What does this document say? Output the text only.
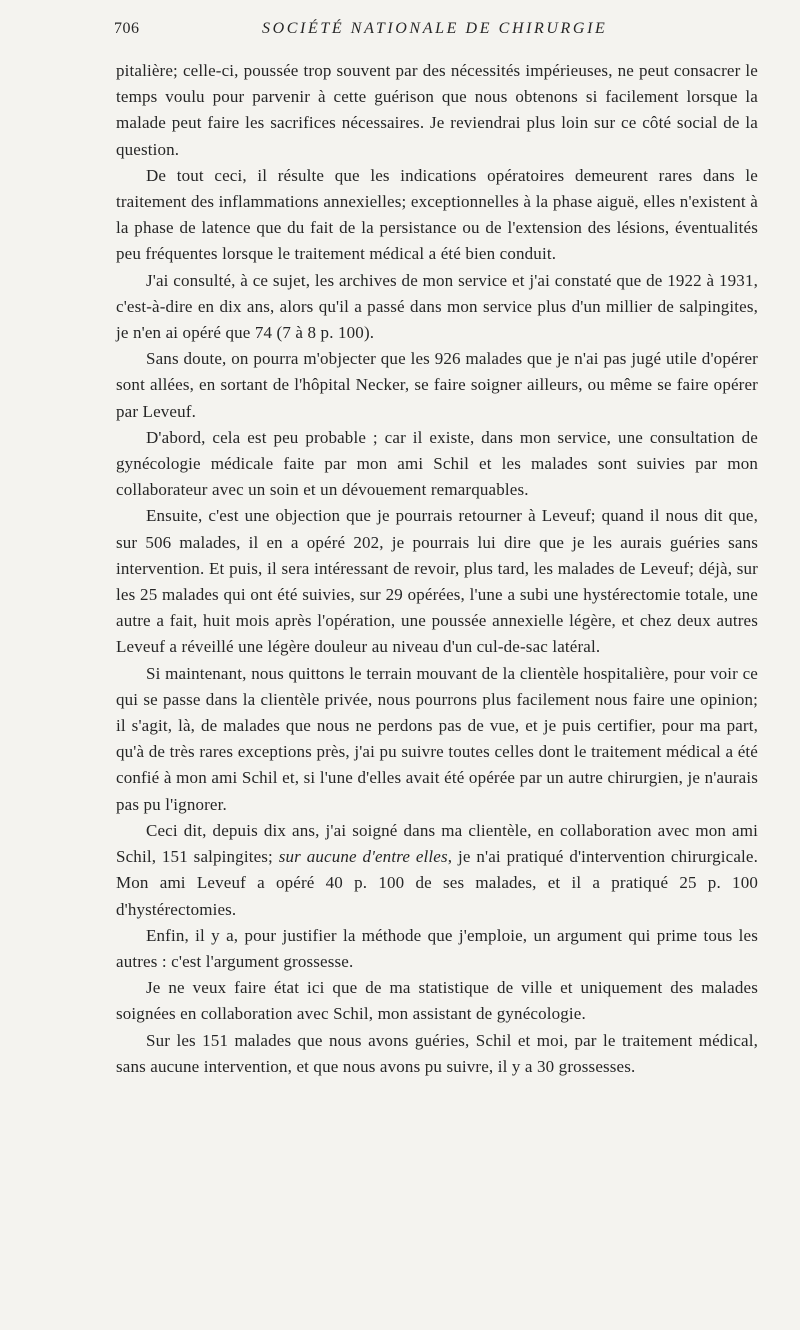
706	SOCIÉTÉ NATIONALE DE CHIRURGIE

pitalière; celle-ci, poussée trop souvent par des nécessités impérieuses, ne peut consacrer le temps voulu pour parvenir à cette guérison que nous obtenons si facilement lorsque la malade peut faire les sacrifices nécessaires. Je reviendrai plus loin sur ce côté social de la question.

De tout ceci, il résulte que les indications opératoires demeurent rares dans le traitement des inflammations annexielles; exceptionnelles à la phase aiguë, elles n'existent à la phase de latence que du fait de la persistance ou de l'extension des lésions, éventualités peu fréquentes lorsque le traitement médical a été bien conduit.

J'ai consulté, à ce sujet, les archives de mon service et j'ai constaté que de 1922 à 1931, c'est-à-dire en dix ans, alors qu'il a passé dans mon service plus d'un millier de salpingites, je n'en ai opéré que 74 (7 à 8 p. 100).

Sans doute, on pourra m'objecter que les 926 malades que je n'ai pas jugé utile d'opérer sont allées, en sortant de l'hôpital Necker, se faire soigner ailleurs, ou même se faire opérer par Leveuf.

D'abord, cela est peu probable ; car il existe, dans mon service, une consultation de gynécologie médicale faite par mon ami Schil et les malades sont suivies par mon collaborateur avec un soin et un dévouement remarquables.

Ensuite, c'est une objection que je pourrais retourner à Leveuf; quand il nous dit que, sur 506 malades, il en a opéré 202, je pourrais lui dire que je les aurais guéries sans intervention. Et puis, il sera intéressant de revoir, plus tard, les malades de Leveuf; déjà, sur les 25 malades qui ont été suivies, sur 29 opérées, l'une a subi une hystérectomie totale, une autre a fait, huit mois après l'opération, une poussée annexielle légère, et chez deux autres Leveuf a réveillé une légère douleur au niveau d'un cul-de-sac latéral.

Si maintenant, nous quittons le terrain mouvant de la clientèle hospitalière, pour voir ce qui se passe dans la clientèle privée, nous pourrons plus facilement nous faire une opinion; il s'agit, là, de malades que nous ne perdons pas de vue, et je puis certifier, pour ma part, qu'à de très rares exceptions près, j'ai pu suivre toutes celles dont le traitement médical a été confié à mon ami Schil et, si l'une d'elles avait été opérée par un autre chirurgien, je n'aurais pas pu l'ignorer.

Ceci dit, depuis dix ans, j'ai soigné dans ma clientèle, en collaboration avec mon ami Schil, 151 salpingites; sur aucune d'entre elles, je n'ai pratiqué d'intervention chirurgicale. Mon ami Leveuf a opéré 40 p. 100 de ses malades, et il a pratiqué 25 p. 100 d'hystérectomies.

Enfin, il y a, pour justifier la méthode que j'emploie, un argument qui prime tous les autres : c'est l'argument grossesse.

Je ne veux faire état ici que de ma statistique de ville et uniquement des malades soignées en collaboration avec Schil, mon assistant de gynécologie.

Sur les 151 malades que nous avons guéries, Schil et moi, par le traitement médical, sans aucune intervention, et que nous avons pu suivre, il y a 30 grossesses.
